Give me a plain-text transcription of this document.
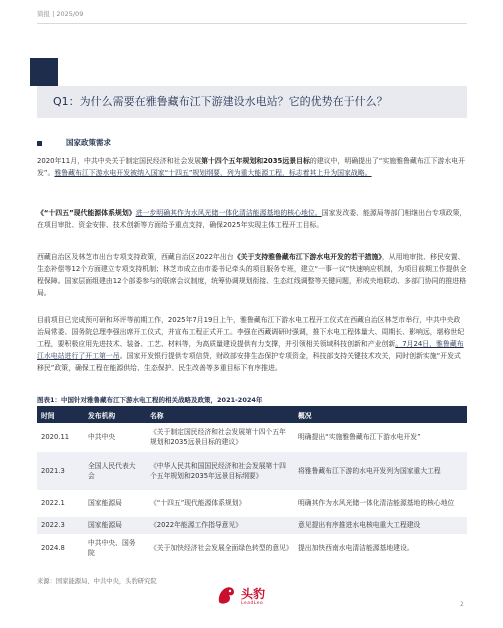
简报 | 2025/09
Q1：为什么需要在雅鲁藏布江下游建设水电站？它的优势在于什么？
国家政策需求
2020年11月，中共中央关于制定国民经济和社会发展第十四个五年规划和2035远景目标的建议中，明确提出了“实施雅鲁藏布江下游水电开发”。雅鲁藏布江下游水电开发被纳入国家“十四五”规划纲要，列为重大能源工程，标志着其上升为国家战略。
《“十四五”现代能源体系规划》进一步明确其作为水风光储一体化清洁能源基地的核心地位。国家发改委、能源局等部门相继出台专项政策，在项目审批、资金安排、技术创新等方面给予重点支持，确保2025年实现主体工程开工目标。
西藏自治区及林芝市出台专项支持政策，西藏自治区2022年出台《关于支持雅鲁藏布江下游水电开发的若干措施》，从用地审批、移民安置、生态补偿等12个方面建立专项支持机制；林芝市成立由市委书记牵头的项目服务专班，建立“一事一议”快速响应机制，为项目前期工作提供全程保障。国家层面组建由12个部委参与的联席会议制度，统筹协调规划衔接、生态红线调整等关键问题，形成央地联动、多部门协同的推进格局。
目前项目已完成预可研和环评等前期工作，2025年7月19日上午，雅鲁藏布江下游水电工程开工仪式在西藏自治区林芝市举行，中共中央政治局常委、国务院总理李强出席开工仪式，并宣布工程正式开工。李强在西藏调研时强调，推下水电工程体量大、周期长、影响远，堪称世纪工程，要积极应用先进技术、装备、工艺、材料等，为高质量建设提供有力支撑，并引领相关领域科技创新和产业创新。7月24日，雅鲁藏布江水电站进行了开工第一吊。国家开发银行提供专项信贷，财政部安排生态保护专项资金，科技部支持关键技术攻关，同时创新实施“开发式移民”政策，确保工程在能源供给、生态保护、民生改善等多重目标下有序推进。
图表1：中国针对雅鲁藏布江下游水电工程的相关战略及政策，2021-2024年
时间	发布机构	名称	概况
2020.11	中共中央	《关于制定国民经济和社会发展第十四个五年规划和2035远景目标的建议》	明确提出“实施雅鲁藏布江下游水电开发”
2021.3	全国人民代表大会	《中华人民共和国国民经济和社会发展第十四个五年规划和2035年远景目标纲要》	将雅鲁藏布江下游的水电开发列为国家重大工程
2022.1	国家能源局	《“十四五”现代能源体系规划》	明确其作为水风光储一体化清洁能源基地的核心地位
2022.3	国家能源局	《2022年能源工作指导意见》	意见提出有序推进水电核电重大工程建设
2024.8	中共中央、国务院	《关于加快经济社会发展全面绿色转型的意见》	提出加快西南水电清洁能源基地建设。
来源：国家能源局、中共中央，头豹研究院
头豹
LeadLeo	2
